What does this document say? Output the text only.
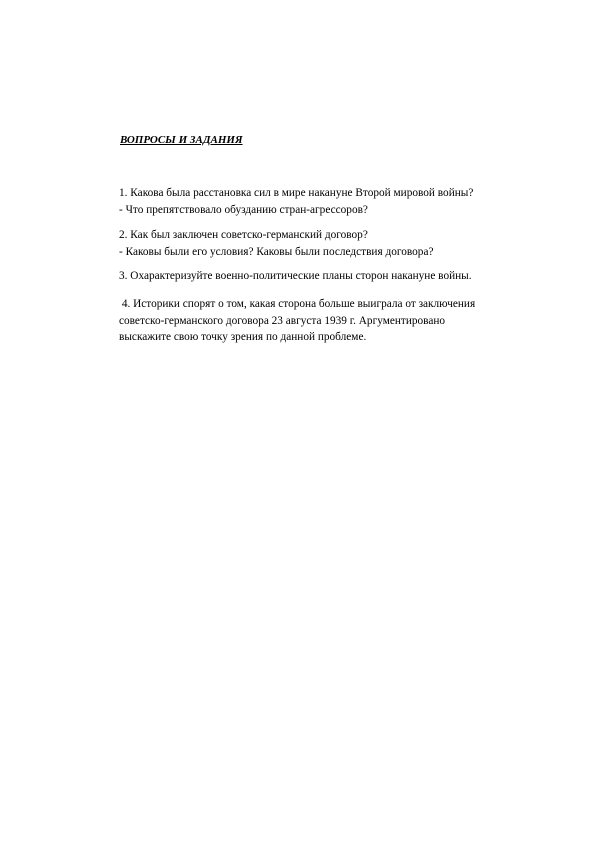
ВОПРОСЫ И ЗАДАНИЯ
1. Какова была расстановка сил в мире накануне Второй мировой войны?
- Что препятствовало обузданию стран-агрессоров?
2. Как был заключен советско-германский договор?
- Каковы были его условия? Каковы были последствия договора?
3. Охарактеризуйте военно-политические планы сторон накануне войны.
4. Историки спорят о том, какая сторона больше выиграла от заключения
советско-германского договора 23 августа 1939 г. Аргументировано
выскажите свою точку зрения по данной проблеме.
